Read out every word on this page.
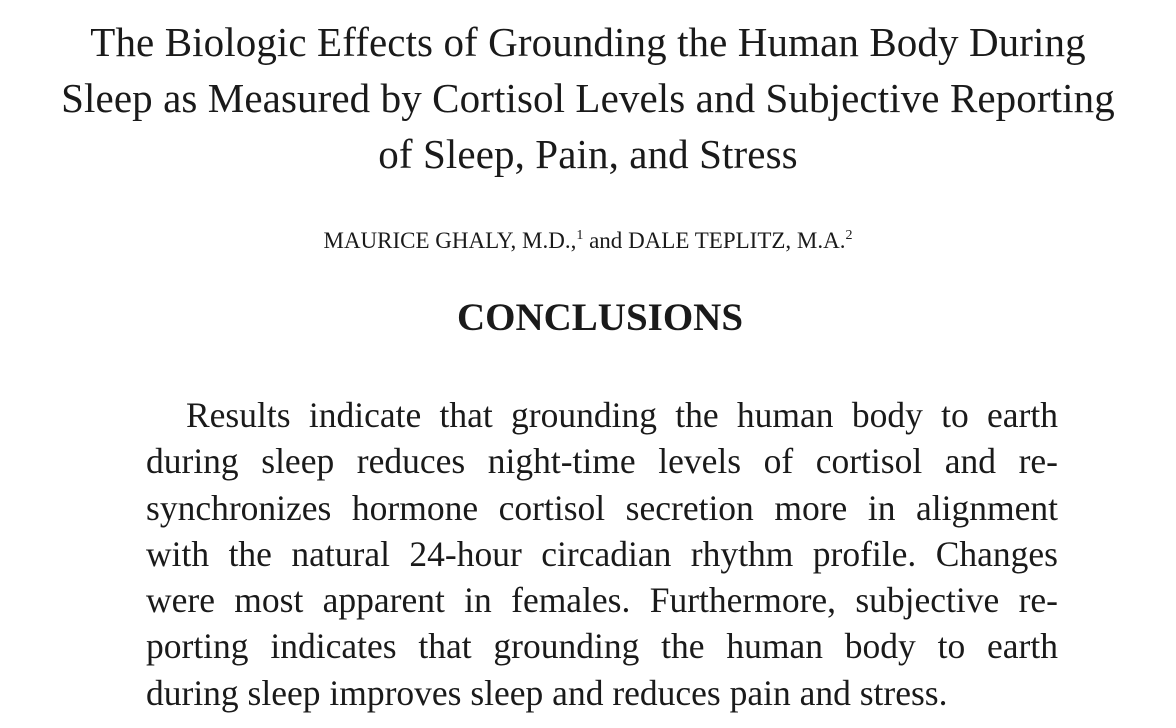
The Biologic Effects of Grounding the Human Body During
Sleep as Measured by Cortisol Levels and Subjective Reporting
of Sleep, Pain, and Stress
MAURICE GHALY, M.D.,$^1$ and DALE TEPLITZ, M.A.$^2$
CONCLUSIONS
Results indicate that grounding the human body to earth
during sleep reduces night-time levels of cortisol and re-
synchronizes hormone cortisol secretion more in alignment
with the natural 24-hour circadian rhythm profile. Changes
were most apparent in females. Furthermore, subjective re-
porting indicates that grounding the human body to earth
during sleep improves sleep and reduces pain and stress.
